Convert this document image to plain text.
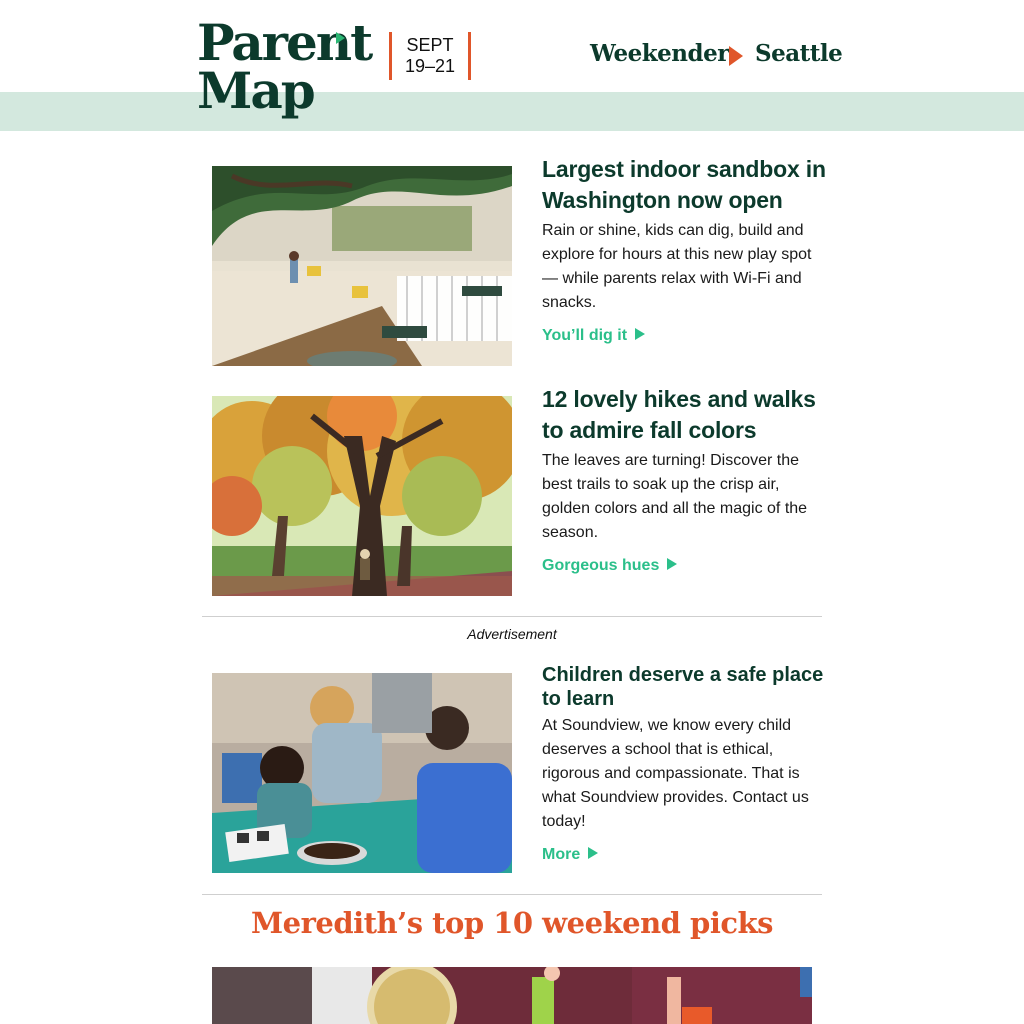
Parent
Map
SEPT
19–21	Weekender Seattle
Largest indoor sandbox in Washington now open

Rain or shine, kids can dig, build and explore for hours at this new play spot — while parents relax with Wi-Fi and snacks.

You’ll dig it
12 lovely hikes and walks to admire fall colors

The leaves are turning! Discover the best trails to soak up the crisp air, golden colors and all the magic of the season.

Gorgeous hues
Advertisement
Children deserve a safe place to learn

At Soundview, we know every child deserves a school that is ethical, rigorous and compassionate. That is what Soundview provides. Contact us today!

More
Meredith’s top 10 weekend picks
